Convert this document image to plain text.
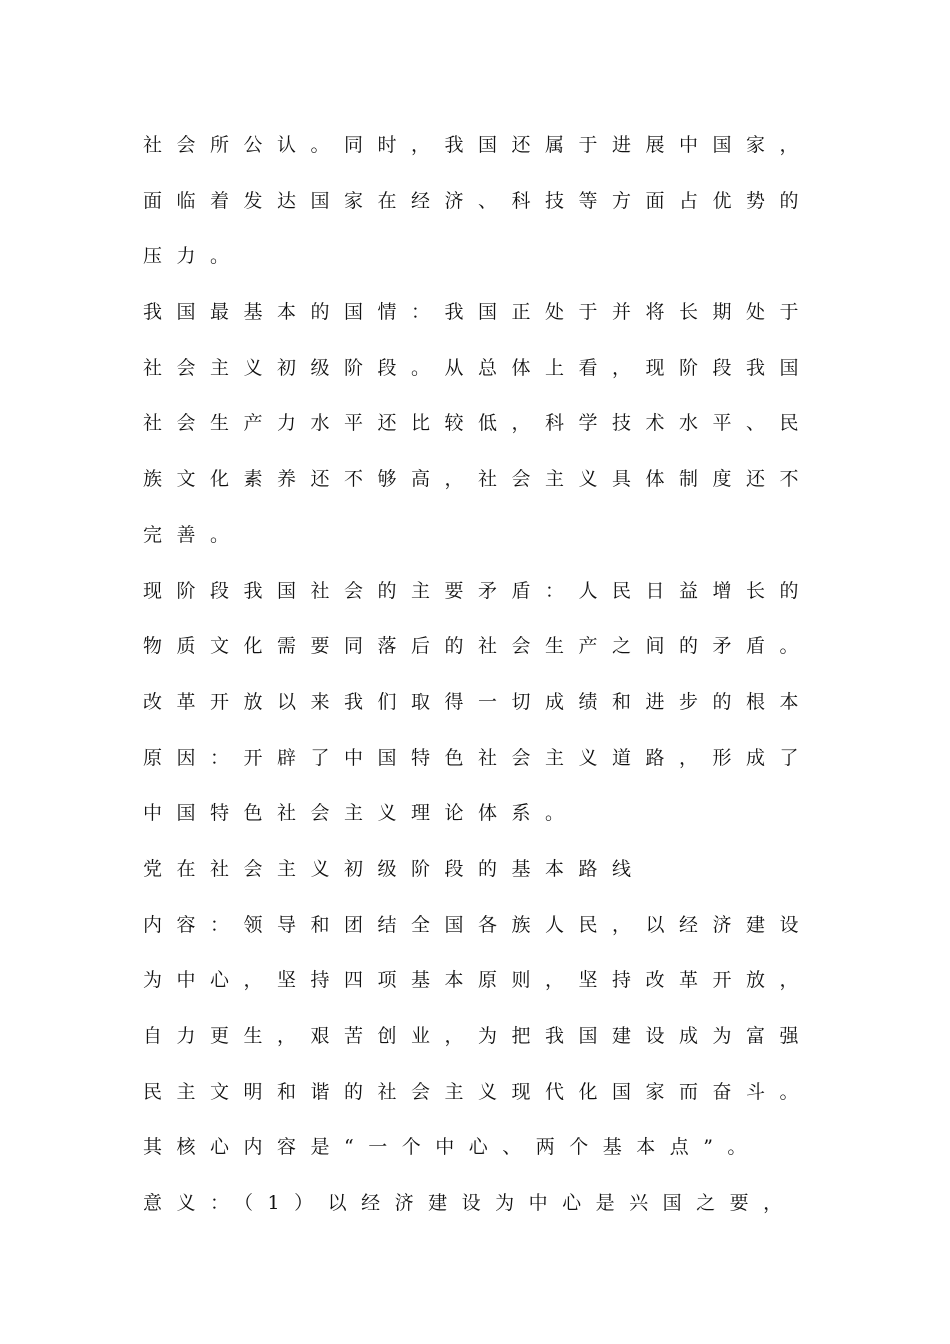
社会所公认。同时，我国还属于进展中国家，
面临着发达国家在经济、科技等方面占优势的
压力。
我国最基本的国情：我国正处于并将长期处于
社会主义初级阶段。从总体上看，现阶段我国
社会生产力水平还比较低，科学技术水平、民
族文化素养还不够高，社会主义具体制度还不
完善。
现阶段我国社会的主要矛盾：人民日益增长的
物质文化需要同落后的社会生产之间的矛盾。
改革开放以来我们取得一切成绩和进步的根本
原因：开辟了中国特色社会主义道路，形成了
中国特色社会主义理论体系。
党在社会主义初级阶段的基本路线
内容：领导和团结全国各族人民，以经济建设
为中心，坚持四项基本原则，坚持改革开放，
自力更生，艰苦创业，为把我国建设成为富强
民主文明和谐的社会主义现代化国家而奋斗。
其核心内容是“一个中心、两个基本点”。
意义：（1）以经济建设为中心是兴国之要，
